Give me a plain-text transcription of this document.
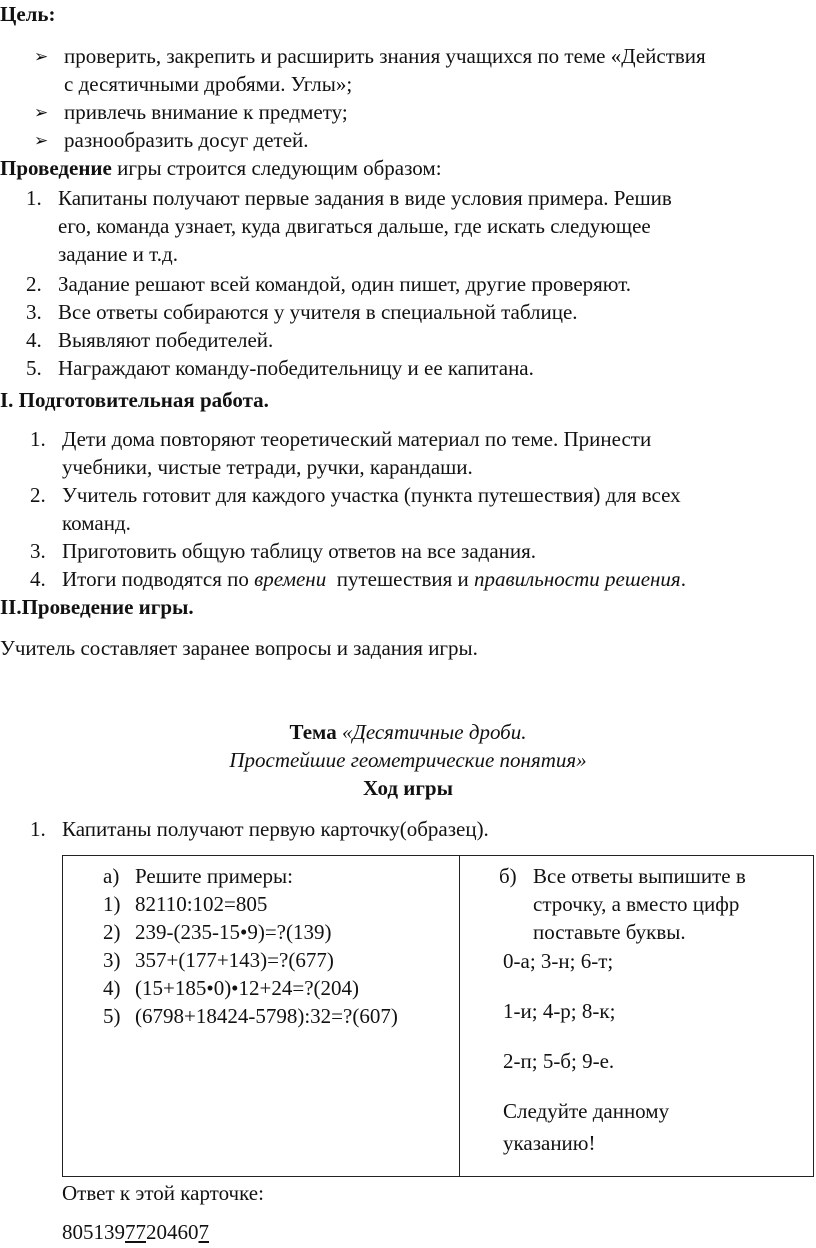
Цель:
➢ проверить, закрепить и расширить знания учащихся по теме «Действия
с десятичными дробями. Углы»;
➢ привлечь внимание к предмету;
➢ разнообразить досуг детей.
Проведение игры строится следующим образом:
1. Капитаны получают первые задания в виде условия примера. Решив
его, команда узнает, куда двигаться дальше, где искать следующее
задание и т.д.
2. Задание решают всей командой, один пишет, другие проверяют.
3. Все ответы собираются у учителя в специальной таблице.
4. Выявляют победителей.
5. Награждают команду-победительницу и ее капитана.
I. Подготовительная работа.
1. Дети дома повторяют теоретический материал по теме. Принести
учебники, чистые тетради, ручки, карандаши.
2. Учитель готовит для каждого участка (пункта путешествия) для всех
команд.
3. Приготовить общую таблицу ответов на все задания.
4. Итоги подводятся по времени  путешествия и правильности решения.
II.Проведение игры.
Учитель составляет заранее вопросы и задания игры.
Тема «Десятичные дроби.
Простейшие геометрические понятия»
Ход игры
1. Капитаны получают первую карточку(образец).
а) Решите примеры:
1) 82110:102=805
2) 239-(235-15•9)=?(139)
3) 357+(177+143)=?(677)
4) (15+185•0)•12+24=?(204)
5) (6798+18424-5798):32=?(607)
б) Все ответы выпишите в
строчку, а вместо цифр
поставьте буквы.
0-а; 3-н; 6-т;
1-и; 4-р; 8-к;
2-п; 5-б; 9-е.
Следуйте данному
указанию!
Ответ к этой карточке:
80513977204607
